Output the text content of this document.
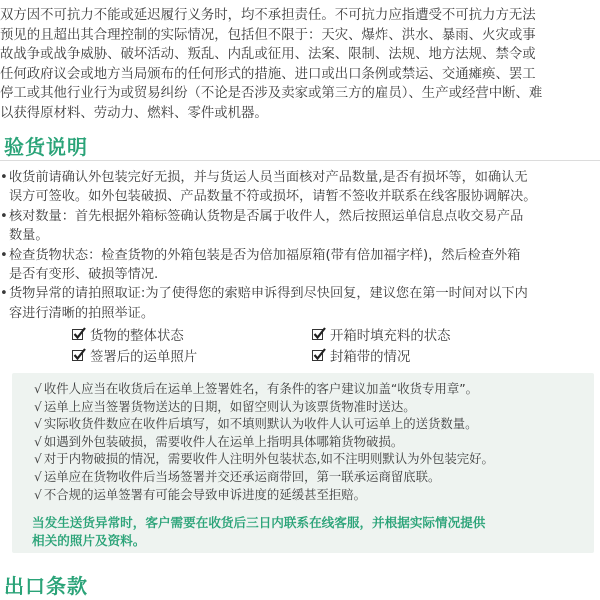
双方因不可抗力不能或延迟履行义务时，均不承担责任。不可抗力应指遭受不可抗力方无法
预见的且超出其合理控制的实际情况，包括但不限于：天灾、爆炸、洪水、暴雨、火灾或事
故战争或战争威胁、破坏活动、叛乱、内乱或征用、法案、限制、法规、地方法规、禁令或
任何政府议会或地方当局颁布的任何形式的措施、进口或出口条例或禁运、交通瘫痪、罢工
停工或其他行业行为或贸易纠纷（不论是否涉及卖家或第三方的雇员）、生产或经营中断、难
以获得原材料、劳动力、燃料、零件或机器。
验货说明
• 收货前请确认外包装完好无损，并与货运人员当面核对产品数量,是否有损坏等，如确认无
误方可签收。如外包装破损、产品数量不符或损坏，请暂不签收并联系在线客服协调解决。
• 核对数量：首先根据外箱标签确认货物是否属于收件人，然后按照运单信息点收交易产品
数量。
• 检查货物状态：检查货物的外箱包装是否为倍加福原箱(带有倍加福字样)，然后检查外箱
是否有变形、破损等情况.
• 货物异常的请拍照取证:为了使得您的索赔申诉得到尽快回复，建议您在第一时间对以下内
容进行清晰的拍照举证。
货物的整体状态	开箱时填充料的状态
签署后的运单照片	封箱带的情况
√ 收件人应当在收货后在运单上签署姓名，有条件的客户建议加盖“收货专用章”。
√ 运单上应当签署货物送达的日期，如留空则认为该票货物准时送达。
√ 实际收货件数应在收件后填写，如不填则默认为收件人认可运单上的送货数量。
√ 如遇到外包装破损，需要收件人在运单上指明具体哪箱货物破损。
√ 对于内物破损的情况，需要收件人注明外包装状态,如不注明则默认为外包装完好。
√ 运单应在货物收件后当场签署并交还承运商带回，第一联承运商留底联。
√ 不合规的运单签署有可能会导致申诉进度的延缓甚至拒赔。
当发生送货异常时，客户需要在收货后三日内联系在线客服，并根据实际情况提供
相关的照片及资料。
出口条款
